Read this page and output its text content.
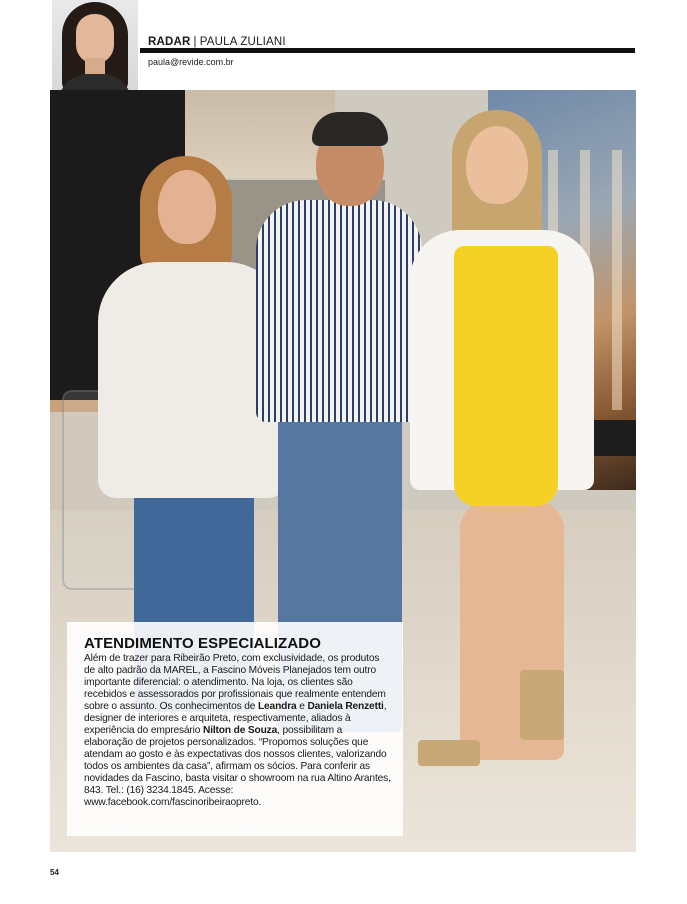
RADAR | PAULA ZULIANI
paula@revide.com.br
ATENDIMENTO ESPECIALIZADO

Além de trazer para Ribeirão Preto, com exclusividade, os produtos de alto padrão da MAREL, a Fascino Móveis Planejados tem outro importante diferencial: o atendimento. Na loja, os clientes são recebidos e assessorados por profissionais que realmente entendem sobre o assunto. Os conhecimentos de Leandra e Daniela Renzetti, designer de interiores e arquiteta, respectivamente, aliados à experiência do empresário Nilton de Souza, possibilitam a elaboração de projetos personalizados. “Propomos soluções que atendam ao gosto e às expectativas dos nossos clientes, valorizando todos os ambientes da casa”, afirmam os sócios. Para conferir as novidades da Fascino, basta visitar o showroom na rua Altino Arantes, 843. Tel.: (16) 3234.1845. Acesse: www.facebook.com/fascinoribeiraopreto.

54
